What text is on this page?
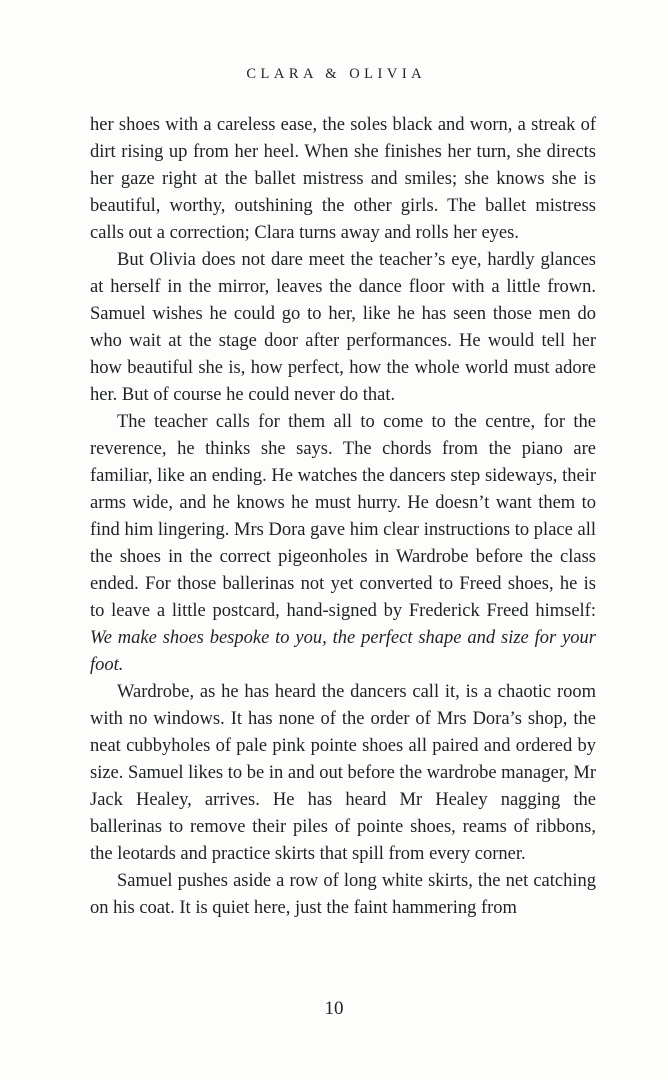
CLARA & OLIVIA

her shoes with a careless ease, the soles black and worn, a streak of dirt rising up from her heel. When she finishes her turn, she directs her gaze right at the ballet mistress and smiles; she knows she is beautiful, worthy, outshining the other girls. The ballet mistress calls out a correction; Clara turns away and rolls her eyes.

But Olivia does not dare meet the teacher’s eye, hardly glances at herself in the mirror, leaves the dance floor with a little frown. Samuel wishes he could go to her, like he has seen those men do who wait at the stage door after performances. He would tell her how beautiful she is, how perfect, how the whole world must adore her. But of course he could never do that.

The teacher calls for them all to come to the centre, for the reverence, he thinks she says. The chords from the piano are familiar, like an ending. He watches the dancers step sideways, their arms wide, and he knows he must hurry. He doesn’t want them to find him lingering. Mrs Dora gave him clear instructions to place all the shoes in the correct pigeonholes in Wardrobe before the class ended. For those ballerinas not yet converted to Freed shoes, he is to leave a little postcard, hand-signed by Frederick Freed himself: We make shoes bespoke to you, the perfect shape and size for your foot.

Wardrobe, as he has heard the dancers call it, is a chaotic room with no windows. It has none of the order of Mrs Dora’s shop, the neat cubbyholes of pale pink pointe shoes all paired and ordered by size. Samuel likes to be in and out before the wardrobe manager, Mr Jack Healey, arrives. He has heard Mr Healey nagging the ballerinas to remove their piles of pointe shoes, reams of ribbons, the leotards and practice skirts that spill from every corner.

Samuel pushes aside a row of long white skirts, the net catching on his coat. It is quiet here, just the faint hammering from

10
